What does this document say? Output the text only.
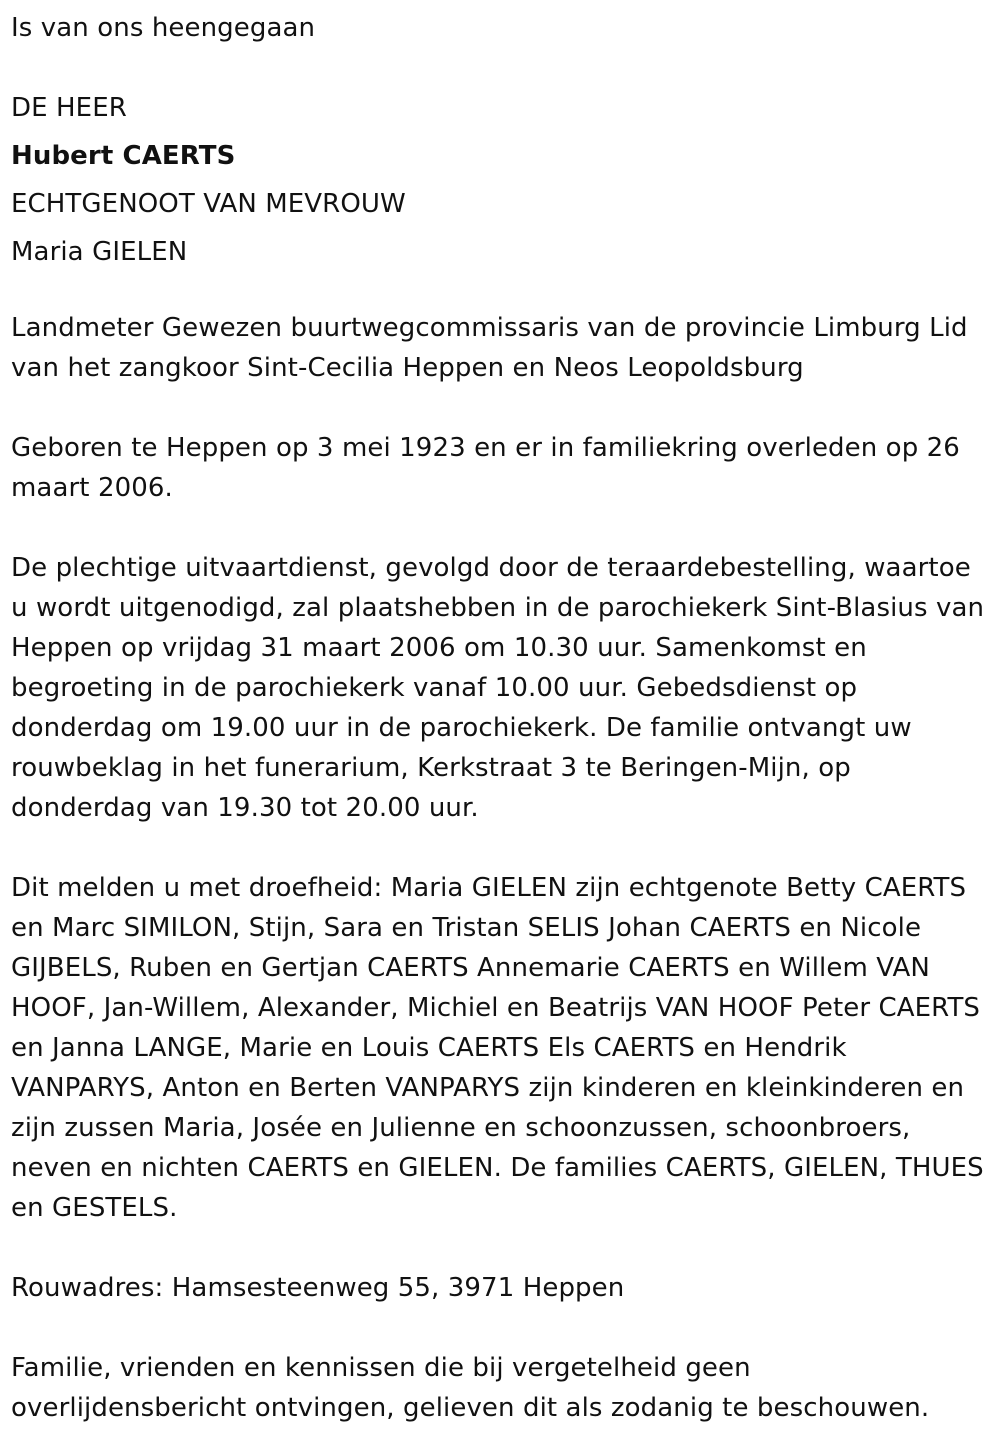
Is van ons heengegaan

DE HEER

Hubert CAERTS

ECHTGENOOT VAN MEVROUW

Maria GIELEN

Landmeter Gewezen buurtwegcommissaris van de provincie Limburg Lid van het zangkoor Sint-Cecilia Heppen en Neos Leopoldsburg

Geboren te Heppen op 3 mei 1923 en er in familiekring overleden op 26 maart 2006.

De plechtige uitvaartdienst, gevolgd door de teraardebestelling, waartoe u wordt uitgenodigd, zal plaatshebben in de parochiekerk Sint-Blasius van Heppen op vrijdag 31 maart 2006 om 10.30 uur. Samenkomst en begroeting in de parochiekerk vanaf 10.00 uur. Gebedsdienst op donderdag om 19.00 uur in de parochiekerk. De familie ontvangt uw rouwbeklag in het funerarium, Kerkstraat 3 te Beringen-Mijn, op donderdag van 19.30 tot 20.00 uur.

Dit melden u met droefheid: Maria GIELEN zijn echtgenote Betty CAERTS en Marc SIMILON, Stijn, Sara en Tristan SELIS Johan CAERTS en Nicole GIJBELS, Ruben en Gertjan CAERTS Annemarie CAERTS en Willem VAN HOOF, Jan-Willem, Alexander, Michiel en Beatrijs VAN HOOF Peter CAERTS en Janna LANGE, Marie en Louis CAERTS Els CAERTS en Hendrik VANPARYS, Anton en Berten VANPARYS zijn kinderen en kleinkinderen en zijn zussen Maria, Josée en Julienne en schoonzussen, schoonbroers, neven en nichten CAERTS en GIELEN. De families CAERTS, GIELEN, THUES en GESTELS.

Rouwadres: Hamsesteenweg 55, 3971 Heppen

Familie, vrienden en kennissen die bij vergetelheid geen overlijdensbericht ontvingen, gelieven dit als zodanig te beschouwen.
